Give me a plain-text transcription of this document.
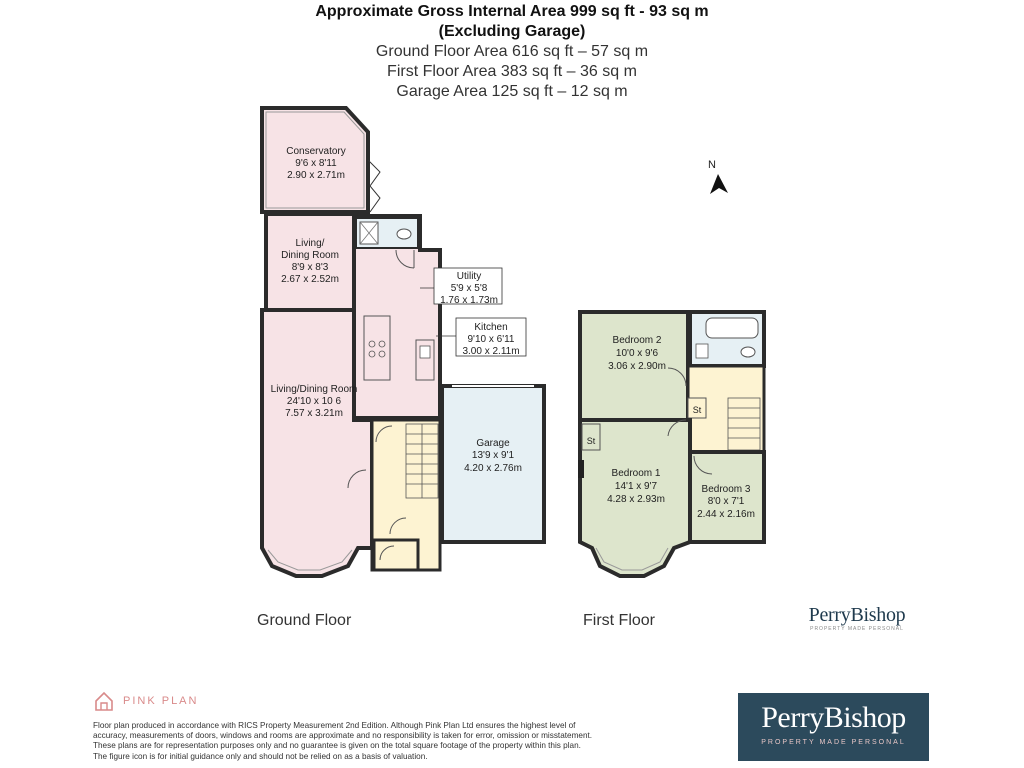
Approximate Gross Internal Area 999 sq ft - 93 sq m
(Excluding Garage)
Ground Floor Area 616 sq ft – 57 sq m
First Floor Area 383 sq ft – 36 sq m
Garage Area 125 sq ft – 12 sq m
Conservatory
9'6 x 8'11
2.90 x 2.71m
Living/
Dining Room
8'9 x 8'3
2.67 x 2.52m
Living/Dining Room
24'10 x 10 6
7.57 x 3.21m
Utility
5'9 x 5'8
1.76 x 1.73m
Kitchen
9'10 x 6'11
3.00 x 2.11m
Garage
13'9 x 9'1
4.20 x 2.76m
Bedroom 2
10'0 x 9'6
3.06 x 2.90m
Bedroom 1
14'1 x 9'7
4.28 x 2.93m
Bedroom 3
8'0 x 7'1
2.44 x 2.16m
St
St
N
Ground Floor	First Floor	PerryBishop
PROPERTY MADE PERSONAL
PINK PLAN
Floor plan produced in accordance with RICS Property Measurement 2nd Edition. Although Pink Plan Ltd ensures the highest level of accuracy, measurements of doors, windows and rooms are approximate and no responsibility is taken for error, omission or misstatement. These plans are for representation purposes only and no guarantee is given on the total square footage of the property within this plan. The figure icon is for initial guidance only and should not be relied on as a basis of valuation.
PerryBishop
PROPERTY MADE PERSONAL
